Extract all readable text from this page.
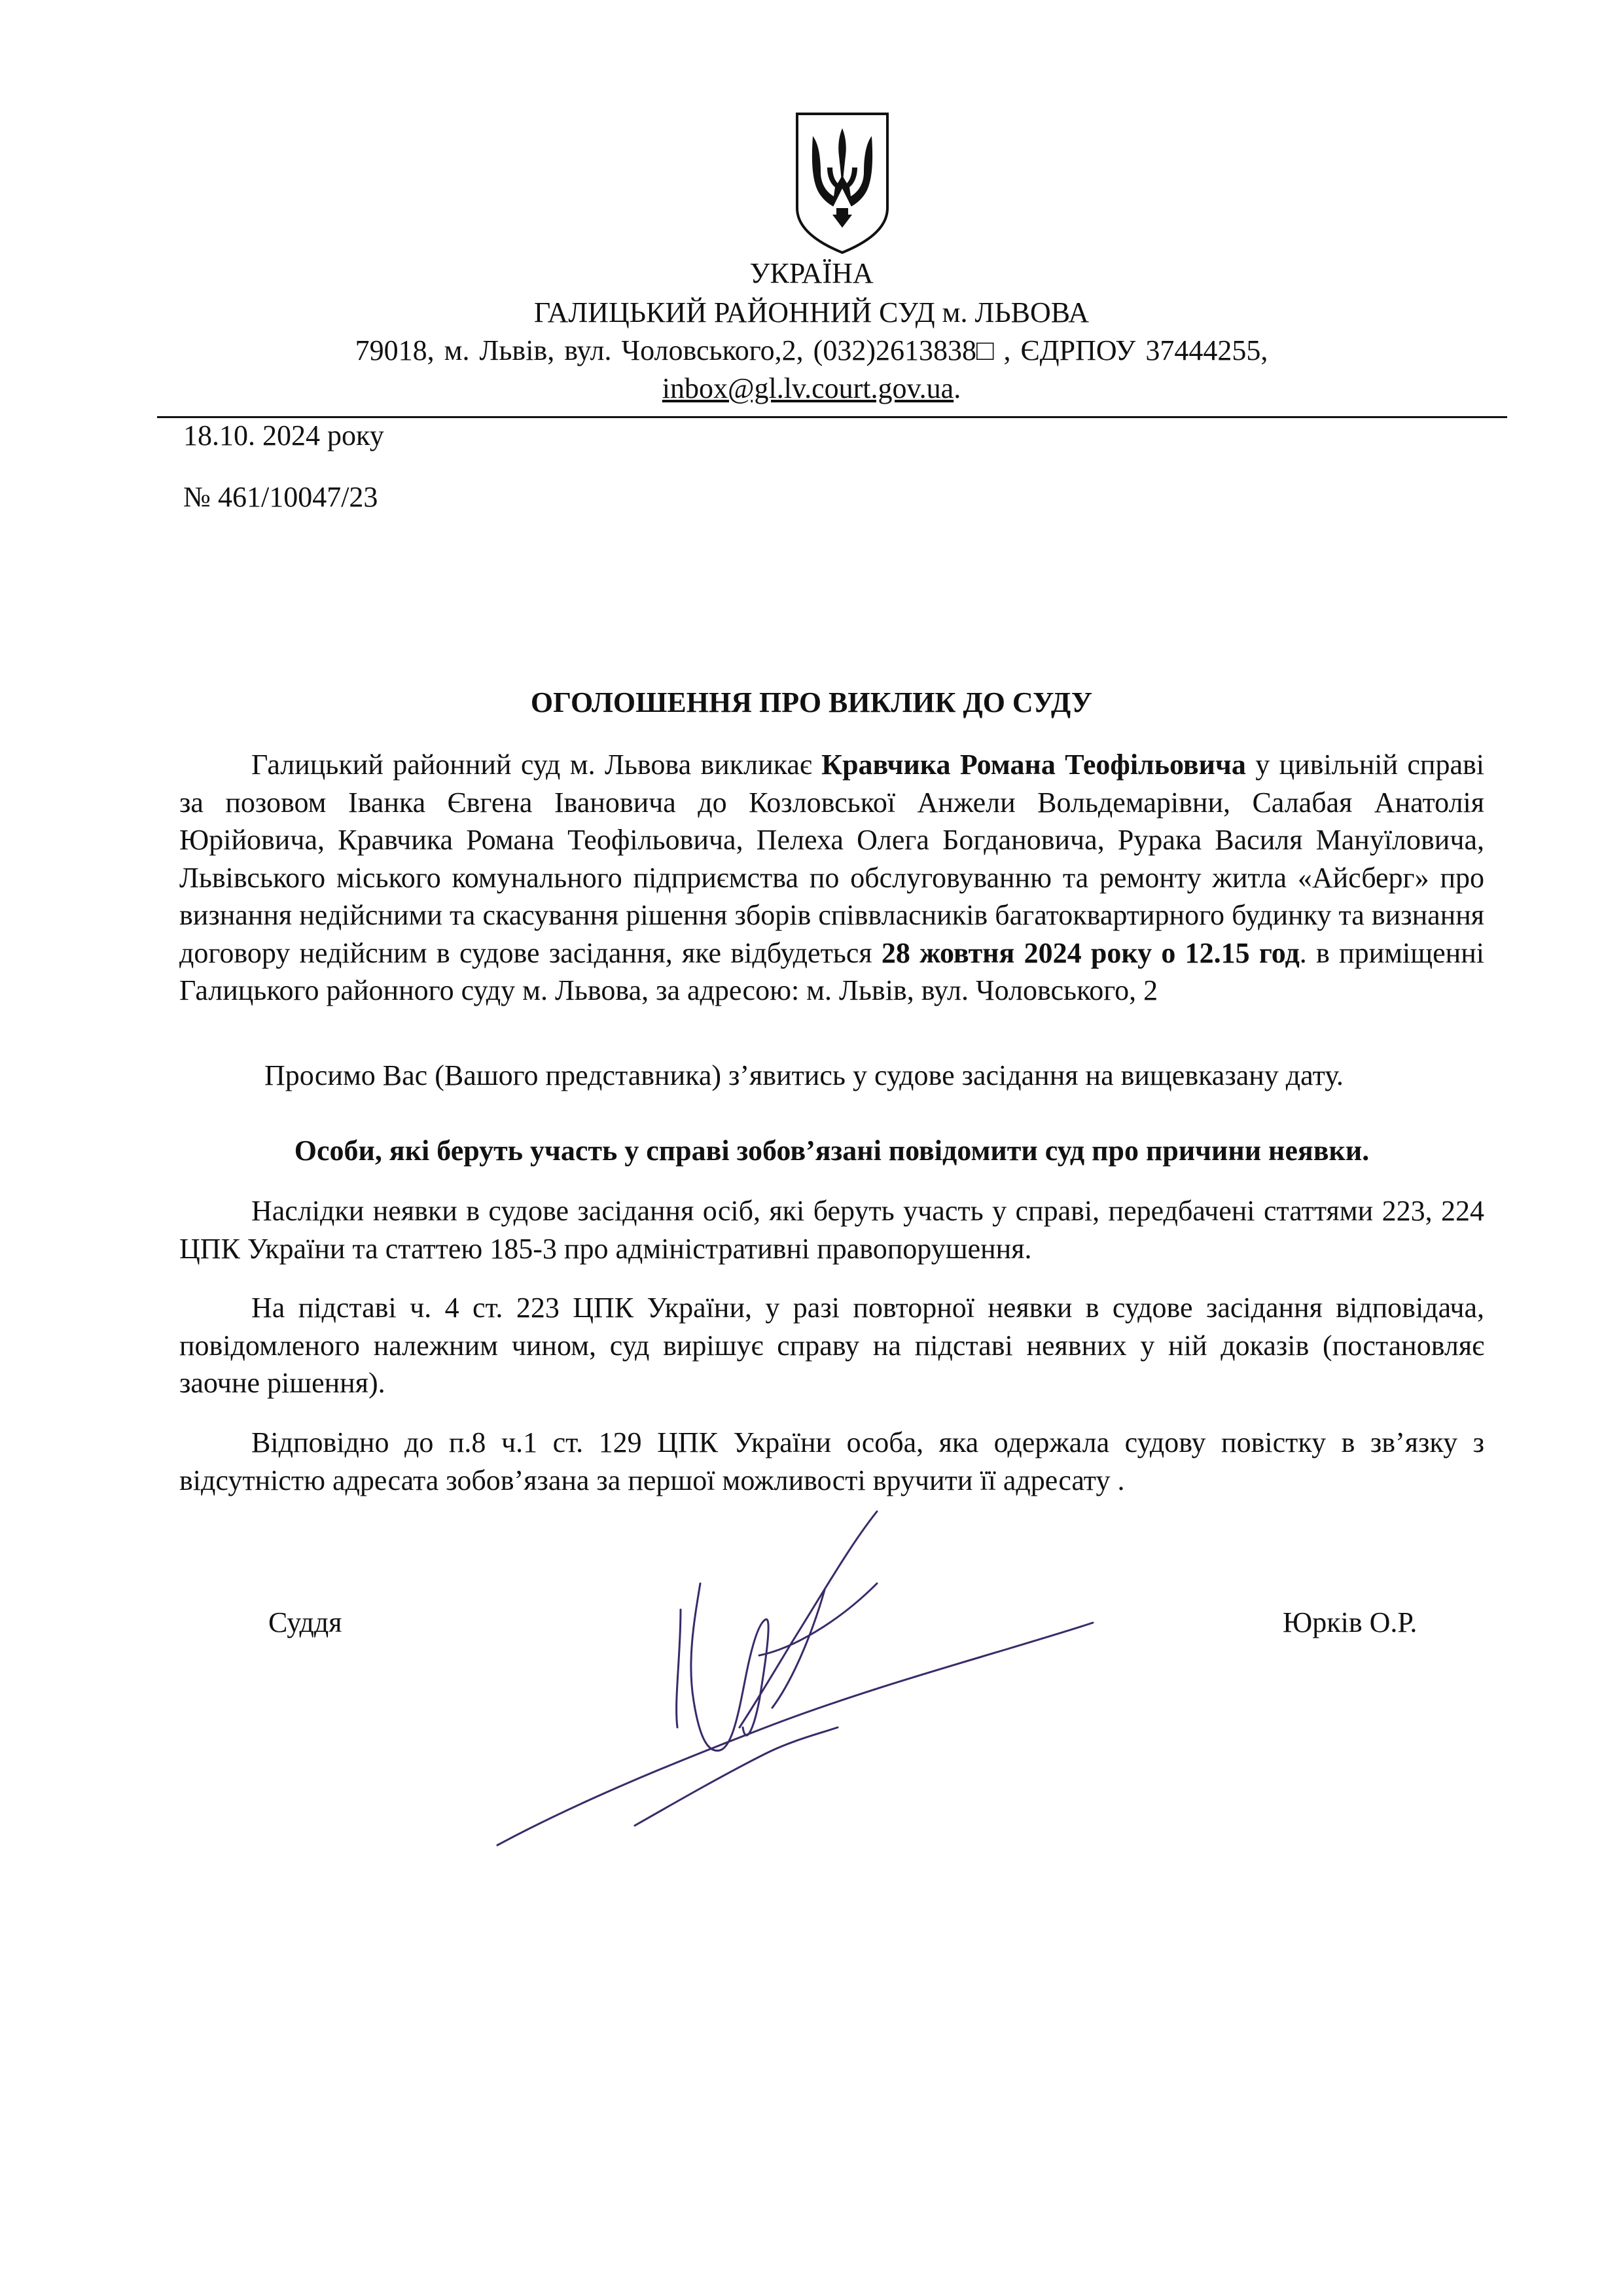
УКРАЇНА
ГАЛИЦЬКИЙ РАЙОННИЙ СУД м. ЛЬВОВА
79018, м. Львів, вул. Чоловського,2, (032)2613838□ , ЄДРПОУ 37444255,
inbox@gl.lv.court.gov.ua.
18.10. 2024 року
№ 461/10047/23
ОГОЛОШЕННЯ ПРО ВИКЛИК ДО СУДУ
Галицький районний суд м. Львова викликає Кравчика Романа Теофільовича у цивільній справі за позовом Іванка Євгена Івановича до Козловської Анжели Вольдемарівни, Салабая Анатолія Юрійовича, Кравчика Романа Теофільовича, Пелеха Олега Богдановича, Рурака Василя Мануїловича, Львівського міського комунального підприємства по обслуговуванню та ремонту житла «Айсберг» про визнання недійсними та скасування рішення зборів співвласників багатоквартирного будинку та визнання договору недійсним в судове засідання, яке відбудеться 28 жовтня 2024 року о 12.15 год. в приміщенні Галицького районного суду м. Львова, за адресою: м. Львів, вул. Чоловського, 2
Просимо Вас (Вашого представника) з’явитись у судове засідання на вищевказану дату.
Особи, які беруть участь у справі зобов’язані повідомити суд про причини неявки.
Наслідки неявки в судове засідання осіб, які беруть участь у справі, передбачені статтями 223, 224 ЦПК України та статтею 185-3 про адміністративні правопорушення.
На підставі ч. 4 ст. 223 ЦПК України, у разі повторної неявки в судове засідання відповідача, повідомленого належним чином, суд вирішує справу на підставі неявних у ній доказів (постановляє заочне рішення).
Відповідно до п.8 ч.1 ст. 129 ЦПК України особа, яка одержала судову повістку в зв’язку з відсутністю адресата зобов’язана за першої можливості вручити її адресату .
Суддя	Юрків О.Р.
